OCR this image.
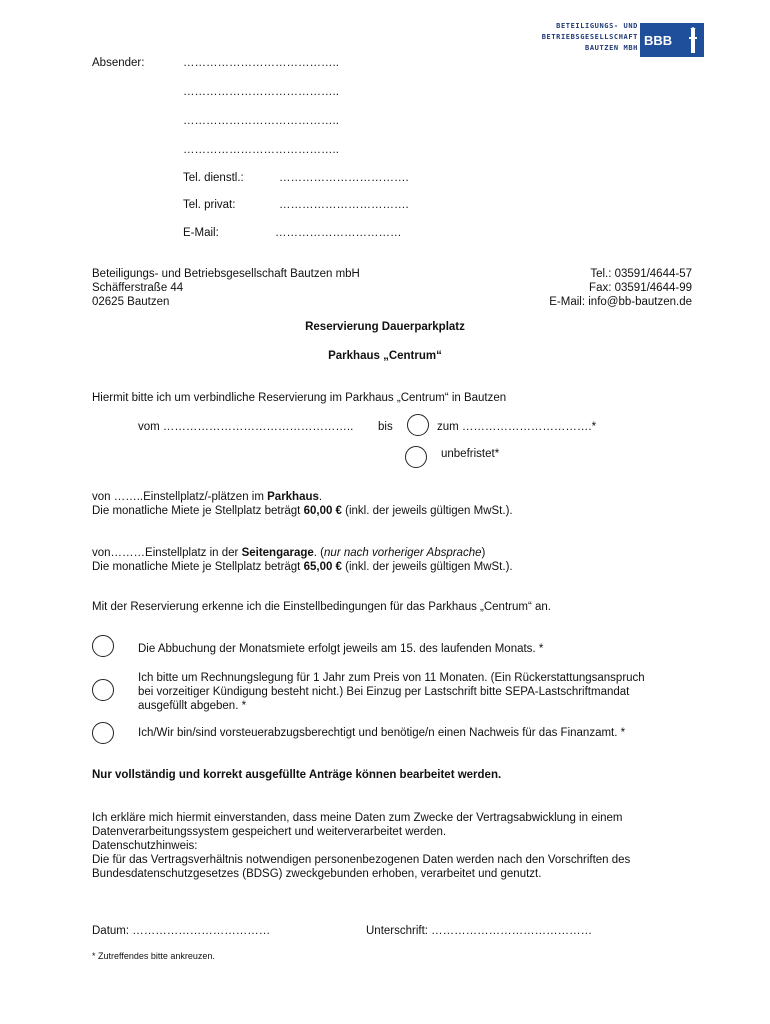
BETEILIGUNGS- UND
BETRIEBSGESELLSCHAFT
BAUTZEN MBH BBB
Absender:	…………………………………..
…………………………………..
…………………………………..
…………………………………..
Tel. dienstl.:	…………………………….
Tel. privat:	…………………………….
E-Mail:	……………………………
Beteiligungs- und Betriebsgesellschaft Bautzen mbH
Schäfferstraße 44
02625 Bautzen
Tel.: 03591/4644-57
Fax: 03591/4644-99
E-Mail: info@bb-bautzen.de
Reservierung Dauerparkplatz
Parkhaus „Centrum“
Hiermit bitte ich um verbindliche Reservierung im Parkhaus „Centrum“ in Bautzen
vom ………………………………………….. bis	zum …………………………….*
unbefristet*
von ……..Einstellplatz/-plätzen im Parkhaus.
Die monatliche Miete je Stellplatz beträgt 60,00 € (inkl. der jeweils gültigen MwSt.).
von………Einstellplatz in der Seitengarage. (nur nach vorheriger Absprache)
Die monatliche Miete je Stellplatz beträgt 65,00 € (inkl. der jeweils gültigen MwSt.).
Mit der Reservierung erkenne ich die Einstellbedingungen für das Parkhaus „Centrum“ an.
Die Abbuchung der Monatsmiete erfolgt jeweils am 15. des laufenden Monats. *
Ich bitte um Rechnungslegung für 1 Jahr zum Preis von 11 Monaten. (Ein Rückerstattungsanspruch
bei vorzeitiger Kündigung besteht nicht.) Bei Einzug per Lastschrift bitte SEPA-Lastschriftmandat
ausgefüllt abgeben. *
Ich/Wir bin/sind vorsteuerabzugsberechtigt und benötige/n einen Nachweis für das Finanzamt. *
Nur vollständig und korrekt ausgefüllte Anträge können bearbeitet werden.
Ich erkläre mich hiermit einverstanden, dass meine Daten zum Zwecke der Vertragsabwicklung in einem
Datenverarbeitungssystem gespeichert und weiterverarbeitet werden.
Datenschutzhinweis:
Die für das Vertragsverhältnis notwendigen personenbezogenen Daten werden nach den Vorschriften des
Bundesdatenschutzgesetzes (BDSG) zweckgebunden erhoben, verarbeitet und genutzt.
Datum: ………………………………	Unterschrift: ……………………………………
* Zutreffendes bitte ankreuzen.
